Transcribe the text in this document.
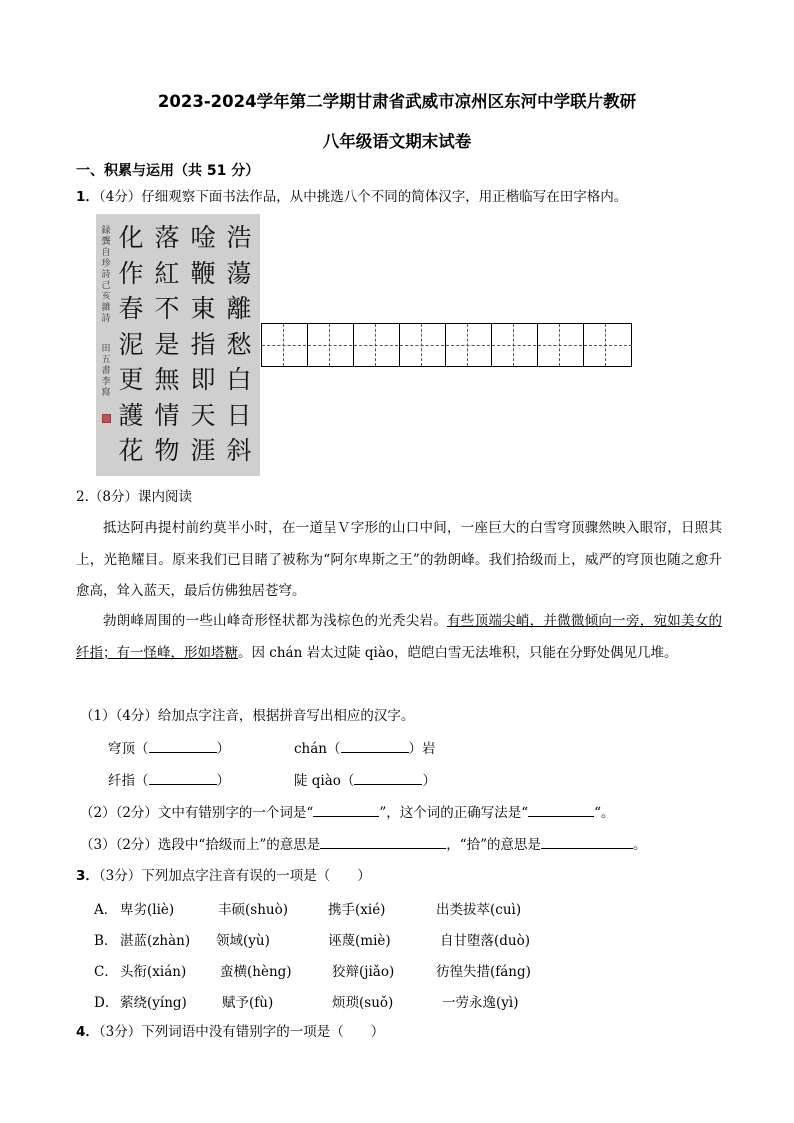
2023-2024学年第二学期甘肃省武威市凉州区东河中学联片教研
八年级语文期末试卷
一、积累与运用（共 51 分）
1．（4分）仔细观察下面书法作品，从中挑选八个不同的简体汉字，用正楷临写在田字格内。
浩蕩離愁白日斜
唫鞭東指即天涯
落紅不是無情物
化作春泥更護花
録龔自珍詩己亥雜詩
田五書 李寫
2.（8分）课内阅读
抵达阿冉提村前约莫半小时，在一道呈Ｖ字形的山口中间，一座巨大的白雪穹顶骤然映入眼帘，日照其上，光艳耀目。原来我们已目睹了被称为“阿尔卑斯之王”的勃朗峰。我们拾级而上，威严的穹顶也随之愈升愈高，耸入蓝天，最后仿佛独居苍穹。
勃朗峰周围的一些山峰奇形怪状都为浅棕色的光秃尖岩。有些顶端尖峭，并微微倾向一旁，宛如美女的纤指；有一怪峰，形如塔糖。因 chán 岩太过陡 qiào，皑皑白雪无法堆积，只能在分野处偶见几堆。
（1）（4分）给加点字注音，根据拼音写出相应的汉字。
穹顶（	）	chán（	）岩
纤指（	）	陡 qiào（	）
（2）（2分）文中有错别字的一个词是“	”，这个词的正确写法是“	“。
（3）（2分）选段中“拾级而上”的意思是	，“拾”的意思是	。
3．（3分）下列加点字注音有误的一项是（　　）
A． 卑劣(liè)	丰硕(shuò)	携手(xié)	出类拔萃(cuì)
B． 湛蓝(zhàn) 领域(yù)	诬蔑(miè)	自甘堕落(duò)
C． 头衔(xián)	蛮横(hèng)	狡辩(jiǎo)	彷徨失措(fáng)
D． 萦绕(yíng)	赋予(fù)	烦琐(suǒ)	一劳永逸(yì)
4．（3分）下列词语中没有错别字的一项是（　　）
